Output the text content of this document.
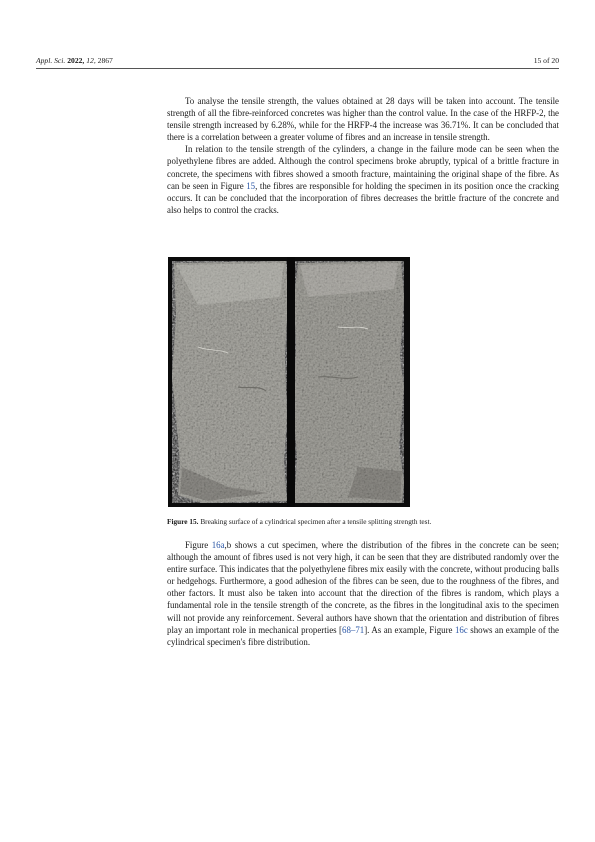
Appl. Sci. 2022, 12, 2867	15 of 20

To analyse the tensile strength, the values obtained at 28 days will be taken into account. The tensile strength of all the fibre-reinforced concretes was higher than the control value. In the case of the HRFP-2, the tensile strength increased by 6.28%, while for the HRFP-4 the increase was 36.71%. It can be concluded that there is a correlation between a greater volume of fibres and an increase in tensile strength.

In relation to the tensile strength of the cylinders, a change in the failure mode can be seen when the polyethylene fibres are added. Although the control specimens broke abruptly, typical of a brittle fracture in concrete, the specimens with fibres showed a smooth fracture, maintaining the original shape of the fibre. As can be seen in Figure 15, the fibres are responsible for holding the specimen in its position once the cracking occurs. It can be concluded that the incorporation of fibres decreases the brittle fracture of the concrete and also helps to control the cracks.

Figure 15. Breaking surface of a cylindrical specimen after a tensile splitting strength test.

Figure 16a,b shows a cut specimen, where the distribution of the fibres in the concrete can be seen; although the amount of fibres used is not very high, it can be seen that they are distributed randomly over the entire surface. This indicates that the polyethylene fibres mix easily with the concrete, without producing balls or hedgehogs. Furthermore, a good adhesion of the fibres can be seen, due to the roughness of the fibres, and other factors. It must also be taken into account that the direction of the fibres is random, which plays a fundamental role in the tensile strength of the concrete, as the fibres in the longitudinal axis to the specimen will not provide any reinforcement. Several authors have shown that the orientation and distribution of fibres play an important role in mechanical properties [68–71]. As an example, Figure 16c shows an example of the cylindrical specimen's fibre distribution.
